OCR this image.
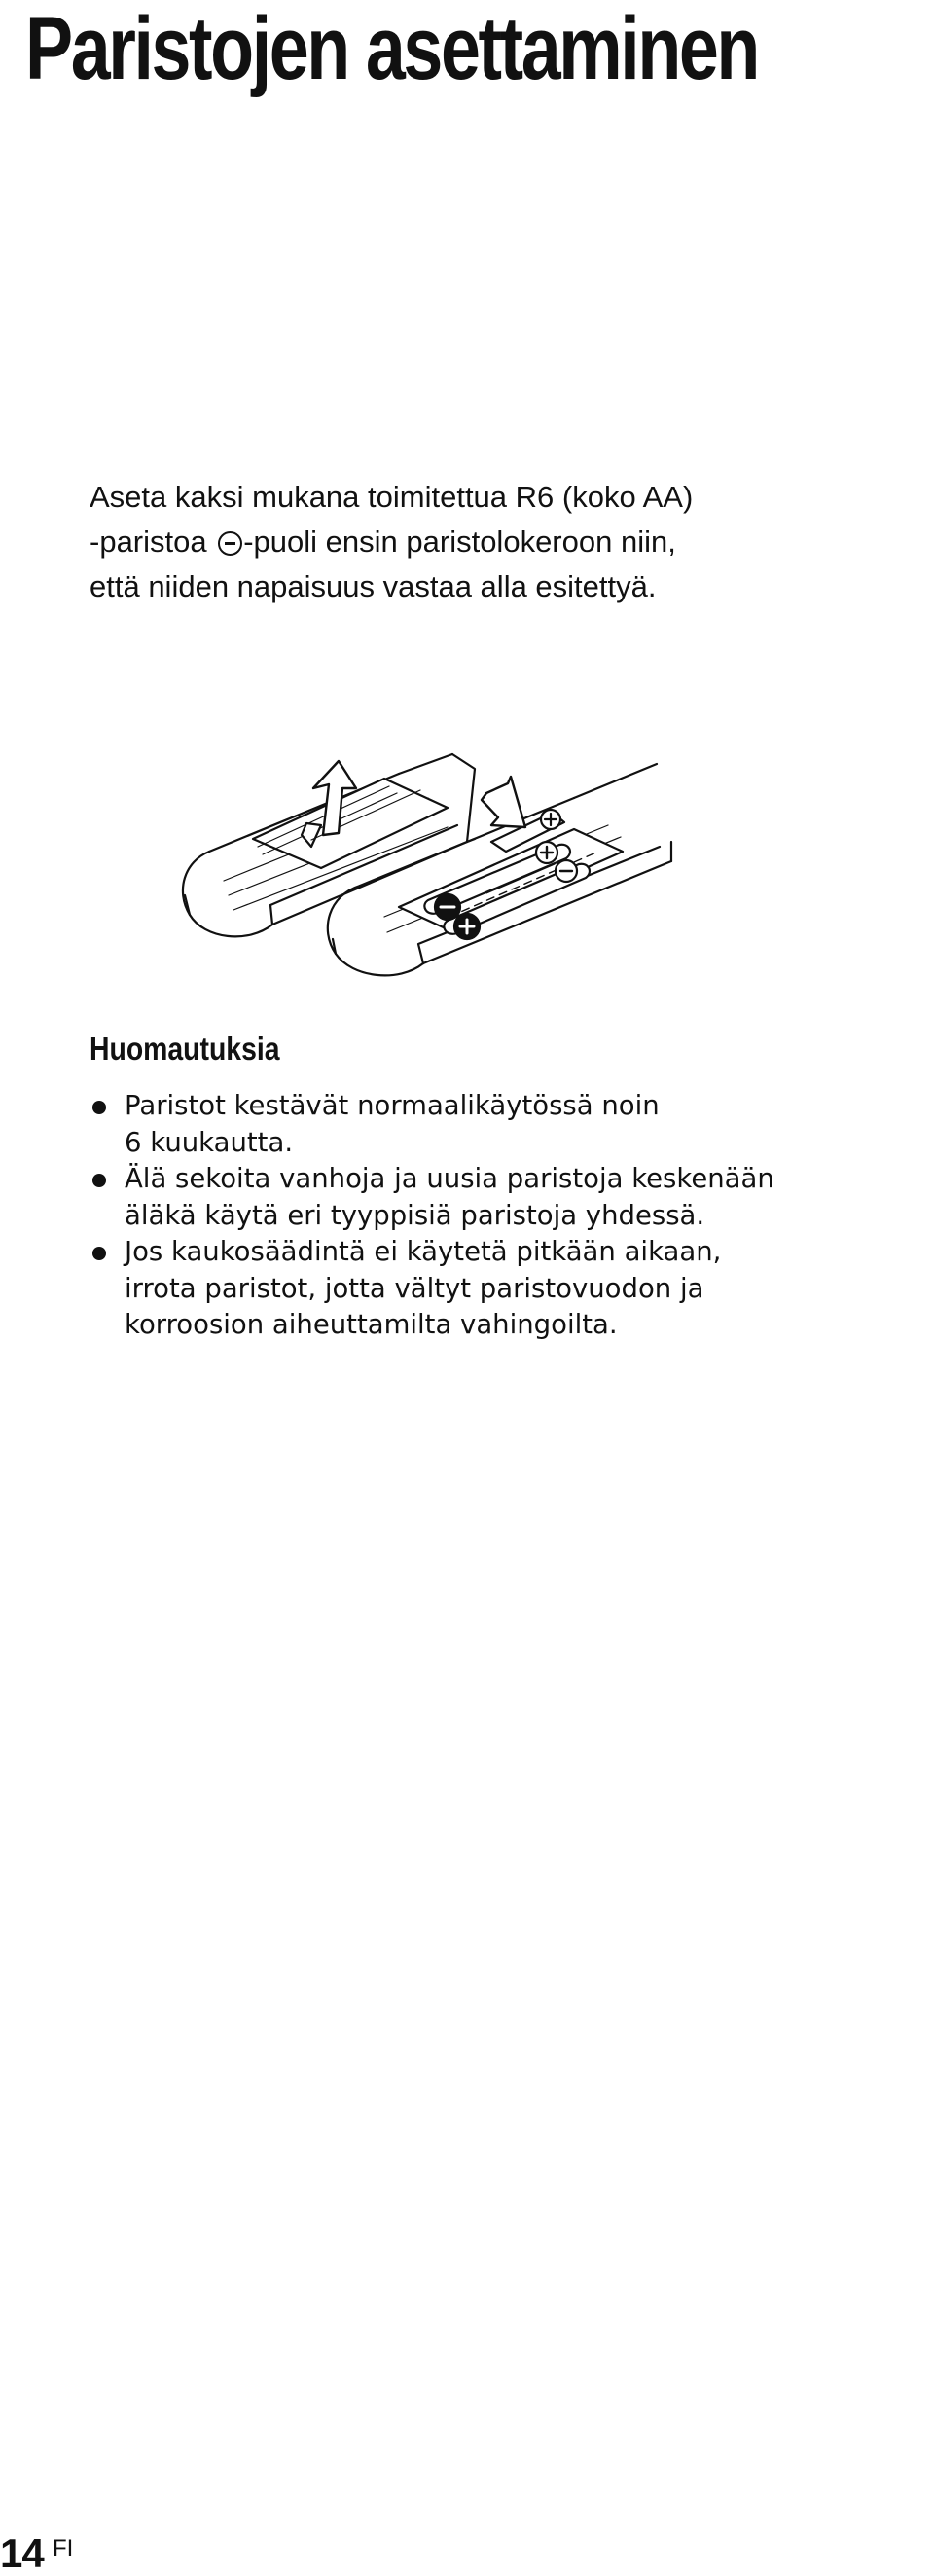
Paristojen asettaminen

Aseta kaksi mukana toimitettua R6 (koko AA)
-paristoa -puoli ensin paristolokeroon niin,
että niiden napaisuus vastaa alla esitettyä.

Huomautuksia
Paristot kestävät normaalikäytössä noin
6 kuukautta.
Älä sekoita vanhoja ja uusia paristoja keskenään
äläkä käytä eri tyyppisiä paristoja yhdessä.
Jos kaukosäädintä ei käytetä pitkään aikaan,
irrota paristot, jotta vältyt paristovuodon ja
korroosion aiheuttamilta vahingoilta.
14 FI
